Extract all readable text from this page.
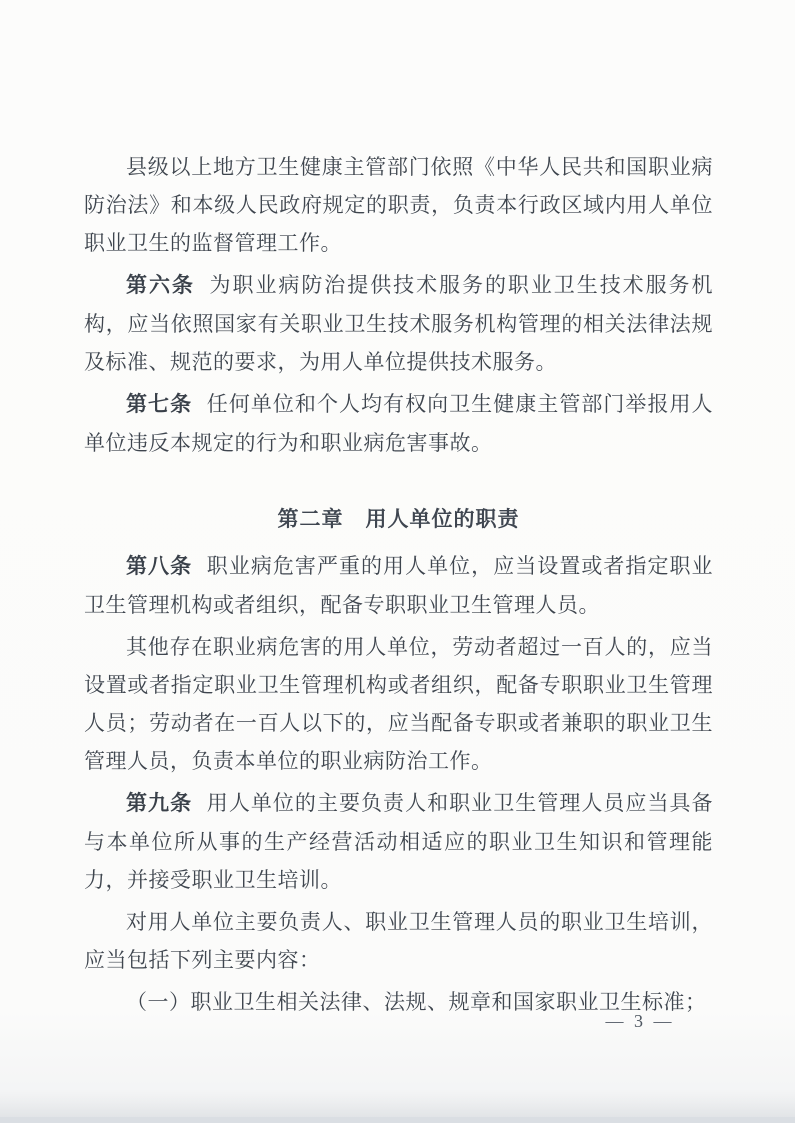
县级以上地方卫生健康主管部门依照《中华人民共和国职业病防治法》和本级人民政府规定的职责，负责本行政区域内用人单位职业卫生的监督管理工作。

第六条 为职业病防治提供技术服务的职业卫生技术服务机构，应当依照国家有关职业卫生技术服务机构管理的相关法律法规及标准、规范的要求，为用人单位提供技术服务。

第七条 任何单位和个人均有权向卫生健康主管部门举报用人单位违反本规定的行为和职业病危害事故。

第二章　用人单位的职责

第八条 职业病危害严重的用人单位，应当设置或者指定职业卫生管理机构或者组织，配备专职职业卫生管理人员。

其他存在职业病危害的用人单位，劳动者超过一百人的，应当设置或者指定职业卫生管理机构或者组织，配备专职职业卫生管理人员；劳动者在一百人以下的，应当配备专职或者兼职的职业卫生管理人员，负责本单位的职业病防治工作。

第九条 用人单位的主要负责人和职业卫生管理人员应当具备与本单位所从事的生产经营活动相适应的职业卫生知识和管理能力，并接受职业卫生培训。

对用人单位主要负责人、职业卫生管理人员的职业卫生培训，应当包括下列主要内容：

（一）职业卫生相关法律、法规、规章和国家职业卫生标准；

— 3 —
